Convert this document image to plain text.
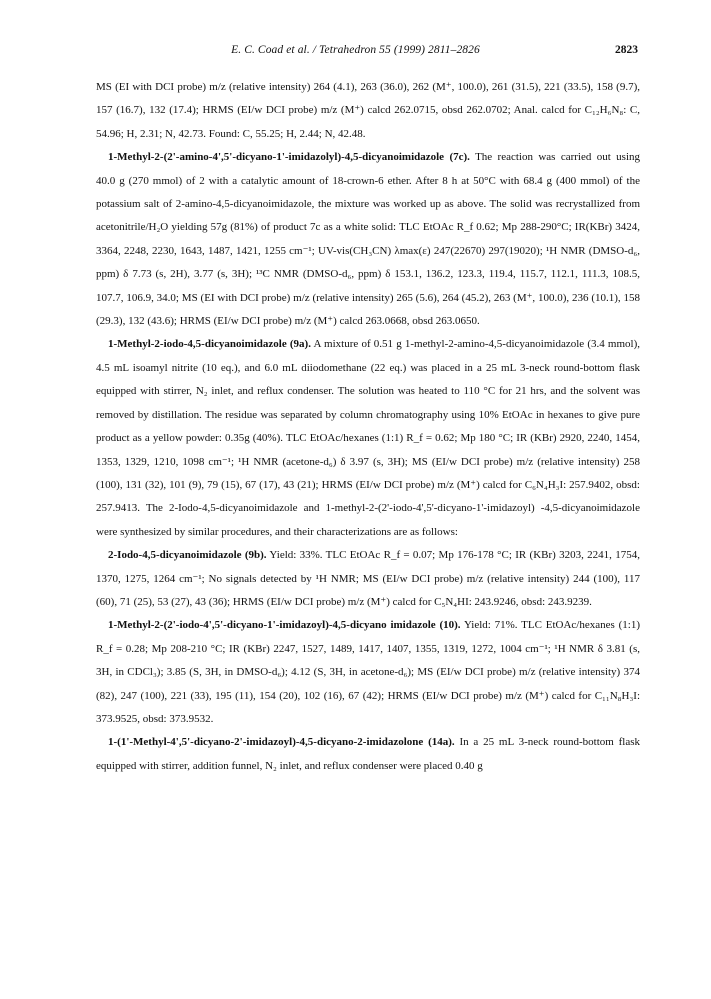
E. C. Coad et al. / Tetrahedron 55 (1999) 2811–2826	2823

MS (EI with DCI probe) m/z (relative intensity) 264 (4.1), 263 (36.0), 262 (M⁺, 100.0), 261 (31.5), 221 (33.5), 158 (9.7), 157 (16.7), 132 (17.4); HRMS (EI/w DCI probe) m/z (M⁺) calcd 262.0715, obsd 262.0702; Anal. calcd for C₁₂H₆N₈: C, 54.96; H, 2.31; N, 42.73. Found: C, 55.25; H, 2.44; N, 42.48.

1-Methyl-2-(2'-amino-4',5'-dicyano-1'-imidazolyl)-4,5-dicyanoimidazole (7c). The reaction was carried out using 40.0 g (270 mmol) of 2 with a catalytic amount of 18-crown-6 ether. After 8 h at 50°C with 68.4 g (400 mmol) of the potassium salt of 2-amino-4,5-dicyanoimidazole, the mixture was worked up as above. The solid was recrystallized from acetonitrile/H₂O yielding 57g (81%) of product 7c as a white solid: TLC EtOAc R_f 0.62; Mp 288-290°C; IR(KBr) 3424, 3364, 2248, 2230, 1643, 1487, 1421, 1255 cm⁻¹; UV-vis(CH₃CN) λmax(ε) 247(22670) 297(19020); ¹H NMR (DMSO-d₆, ppm) δ 7.73 (s, 2H), 3.77 (s, 3H); ¹³C NMR (DMSO-d₆, ppm) δ 153.1, 136.2, 123.3, 119.4, 115.7, 112.1, 111.3, 108.5, 107.7, 106.9, 34.0; MS (EI with DCI probe) m/z (relative intensity) 265 (5.6), 264 (45.2), 263 (M⁺, 100.0), 236 (10.1), 158 (29.3), 132 (43.6); HRMS (EI/w DCI probe) m/z (M⁺) calcd 263.0668, obsd 263.0650.

1-Methyl-2-iodo-4,5-dicyanoimidazole (9a). A mixture of 0.51 g 1-methyl-2-amino-4,5-dicyanoimidazole (3.4 mmol), 4.5 mL isoamyl nitrite (10 eq.), and 6.0 mL diiodomethane (22 eq.) was placed in a 25 mL 3-neck round-bottom flask equipped with stirrer, N₂ inlet, and reflux condenser. The solution was heated to 110 °C for 21 hrs, and the solvent was removed by distillation. The residue was separated by column chromatography using 10% EtOAc in hexanes to give pure product as a yellow powder: 0.35g (40%). TLC EtOAc/hexanes (1:1) R_f = 0.62; Mp 180 °C; IR (KBr) 2920, 2240, 1454, 1353, 1329, 1210, 1098 cm⁻¹; ¹H NMR (acetone-d₆) δ 3.97 (s, 3H); MS (EI/w DCI probe) m/z (relative intensity) 258 (100), 131 (32), 101 (9), 79 (15), 67 (17), 43 (21); HRMS (EI/w DCI probe) m/z (M⁺) calcd for C₆N₄H₃I: 257.9402, obsd: 257.9413. The 2-Iodo-4,5-dicyanoimidazole and 1-methyl-2-(2'-iodo-4',5'-dicyano-1'-imidazoyl) -4,5-dicyanoimidazole were synthesized by similar procedures, and their characterizations are as follows:

2-Iodo-4,5-dicyanoimidazole (9b). Yield: 33%. TLC EtOAc R_f = 0.07; Mp 176-178 °C; IR (KBr) 3203, 2241, 1754, 1370, 1275, 1264 cm⁻¹; No signals detected by ¹H NMR; MS (EI/w DCI probe) m/z (relative intensity) 244 (100), 117 (60), 71 (25), 53 (27), 43 (36); HRMS (EI/w DCI probe) m/z (M⁺) calcd for C₅N₄HI: 243.9246, obsd: 243.9239.

1-Methyl-2-(2'-iodo-4',5'-dicyano-1'-imidazoyl)-4,5-dicyano imidazole (10). Yield: 71%. TLC EtOAc/hexanes (1:1) R_f = 0.28; Mp 208-210 °C; IR (KBr) 2247, 1527, 1489, 1417, 1407, 1355, 1319, 1272, 1004 cm⁻¹; ¹H NMR δ 3.81 (s, 3H, in CDCl₃); 3.85 (S, 3H, in DMSO-d₆); 4.12 (S, 3H, in acetone-d₆); MS (EI/w DCI probe) m/z (relative intensity) 374 (82), 247 (100), 221 (33), 195 (11), 154 (20), 102 (16), 67 (42); HRMS (EI/w DCI probe) m/z (M⁺) calcd for C₁₁N₈H₃I: 373.9525, obsd: 373.9532.

1-(1'-Methyl-4',5'-dicyano-2'-imidazoyl)-4,5-dicyano-2-imidazolone (14a). In a 25 mL 3-neck round-bottom flask equipped with stirrer, addition funnel, N₂ inlet, and reflux condenser were placed 0.40 g
